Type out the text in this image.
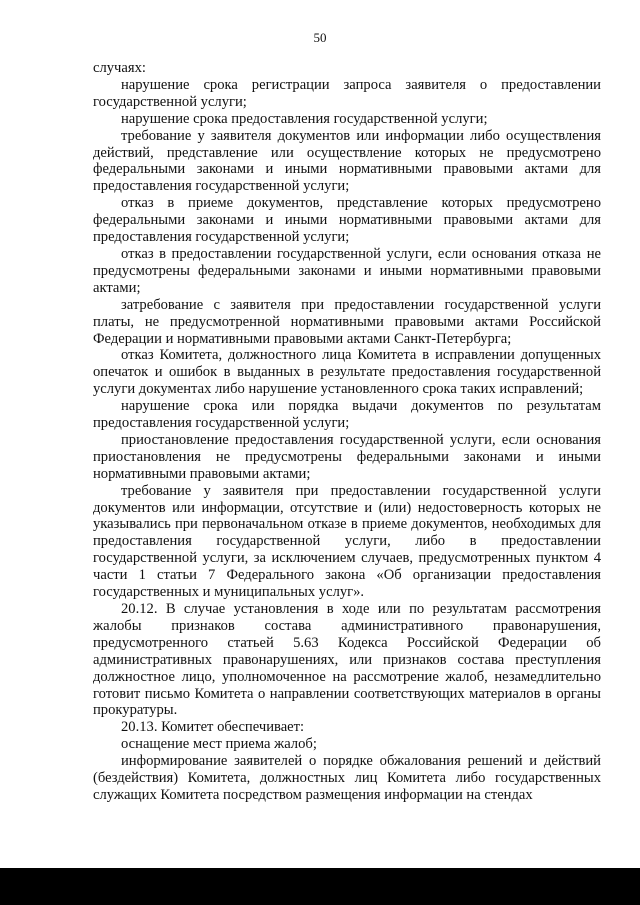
50

случаях:

нарушение срока регистрации запроса заявителя о предоставлении государственной услуги;

нарушение срока предоставления государственной услуги;

требование у заявителя документов или информации либо осуществления действий, представление или осуществление которых не предусмотрено федеральными законами и иными нормативными правовыми актами для предоставления государственной услуги;

отказ в приеме документов, представление которых предусмотрено федеральными законами и иными нормативными правовыми актами для предоставления государственной услуги;

отказ в предоставлении государственной услуги, если основания отказа не предусмотрены федеральными законами и иными нормативными правовыми актами;

затребование с заявителя при предоставлении государственной услуги платы, не предусмотренной нормативными правовыми актами Российской Федерации и нормативными правовыми актами Санкт-Петербурга;

отказ Комитета, должностного лица Комитета в исправлении допущенных опечаток и ошибок в выданных в результате предоставления государственной услуги документах либо нарушение установленного срока таких исправлений;

нарушение срока или порядка выдачи документов по результатам предоставления государственной услуги;

приостановление предоставления государственной услуги, если основания приостановления не предусмотрены федеральными законами и иными нормативными правовыми актами;

требование у заявителя при предоставлении государственной услуги документов или информации, отсутствие и (или) недостоверность которых не указывались при первоначальном отказе в приеме документов, необходимых для предоставления государственной услуги, либо в предоставлении государственной услуги, за исключением случаев, предусмотренных пунктом 4 части 1 статьи 7 Федерального закона «Об организации предоставления государственных и муниципальных услуг».

20.12. В случае установления в ходе или по результатам рассмотрения жалобы признаков состава административного правонарушения, предусмотренного статьей 5.63 Кодекса Российской Федерации об административных правонарушениях, или признаков состава преступления должностное лицо, уполномоченное на рассмотрение жалоб, незамедлительно готовит письмо Комитета о направлении соответствующих материалов в органы прокуратуры.

20.13. Комитет обеспечивает:

оснащение мест приема жалоб;

информирование заявителей о порядке обжалования решений и действий (бездействия) Комитета, должностных лиц Комитета либо государственных служащих Комитета посредством размещения информации на стендах
